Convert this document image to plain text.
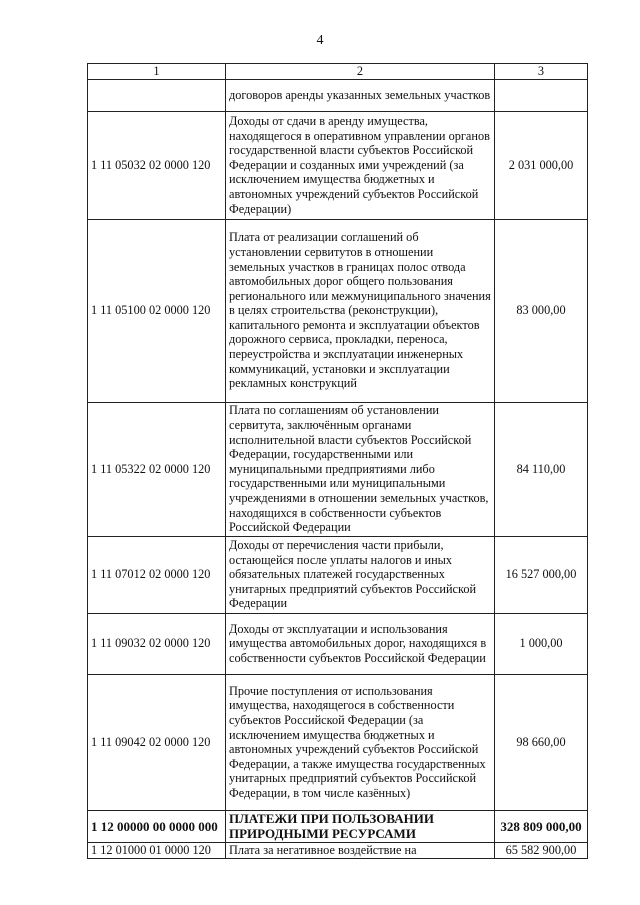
4
1	2	3
	договоров аренды указанных земельных участков	
1 11 05032 02 0000 120	Доходы от сдачи в аренду имущества, находящегося в оперативном управлении органов государственной власти субъектов Российской Федерации и созданных ими учреждений (за исключением имущества бюджетных и автономных учреждений субъектов Российской Федерации)	2 031 000,00
1 11 05100 02 0000 120	Плата от реализации соглашений об установлении сервитутов в отношении земельных участков в границах полос отвода автомобильных дорог общего пользования регионального или межмуниципального значения в целях строительства (реконструкции), капитального ремонта и эксплуатации объектов дорожного сервиса, прокладки, переноса, переустройства и эксплуатации инженерных коммуникаций, установки и эксплуатации рекламных конструкций	83 000,00
1 11 05322 02 0000 120	Плата по соглашениям об установлении сервитута, заключённым органами исполнительной власти субъектов Российской Федерации, государственными или муниципальными предприятиями либо государственными или муниципальными учреждениями в отношении земельных участков, находящихся в собственности субъектов Российской Федерации	84 110,00
1 11 07012 02 0000 120	Доходы от перечисления части прибыли, остающейся после уплаты налогов и иных обязательных платежей государственных унитарных предприятий субъектов Российской Федерации	16 527 000,00
1 11 09032 02 0000 120	Доходы от эксплуатации и использования имущества автомобильных дорог, находящихся в собственности субъектов Российской Федерации	1 000,00
1 11 09042 02 0000 120	Прочие поступления от использования имущества, находящегося в собственности субъектов Российской Федерации (за исключением имущества бюджетных и автономных учреждений субъектов Российской Федерации, а также имущества государственных унитарных предприятий субъектов Российской Федерации, в том числе казённых)	98 660,00
1 12 00000 00 0000 000	ПЛАТЕЖИ ПРИ ПОЛЬЗОВАНИИ ПРИРОДНЫМИ РЕСУРСАМИ	328 809 000,00
1 12 01000 01 0000 120	Плата за негативное воздействие на	65 582 900,00
